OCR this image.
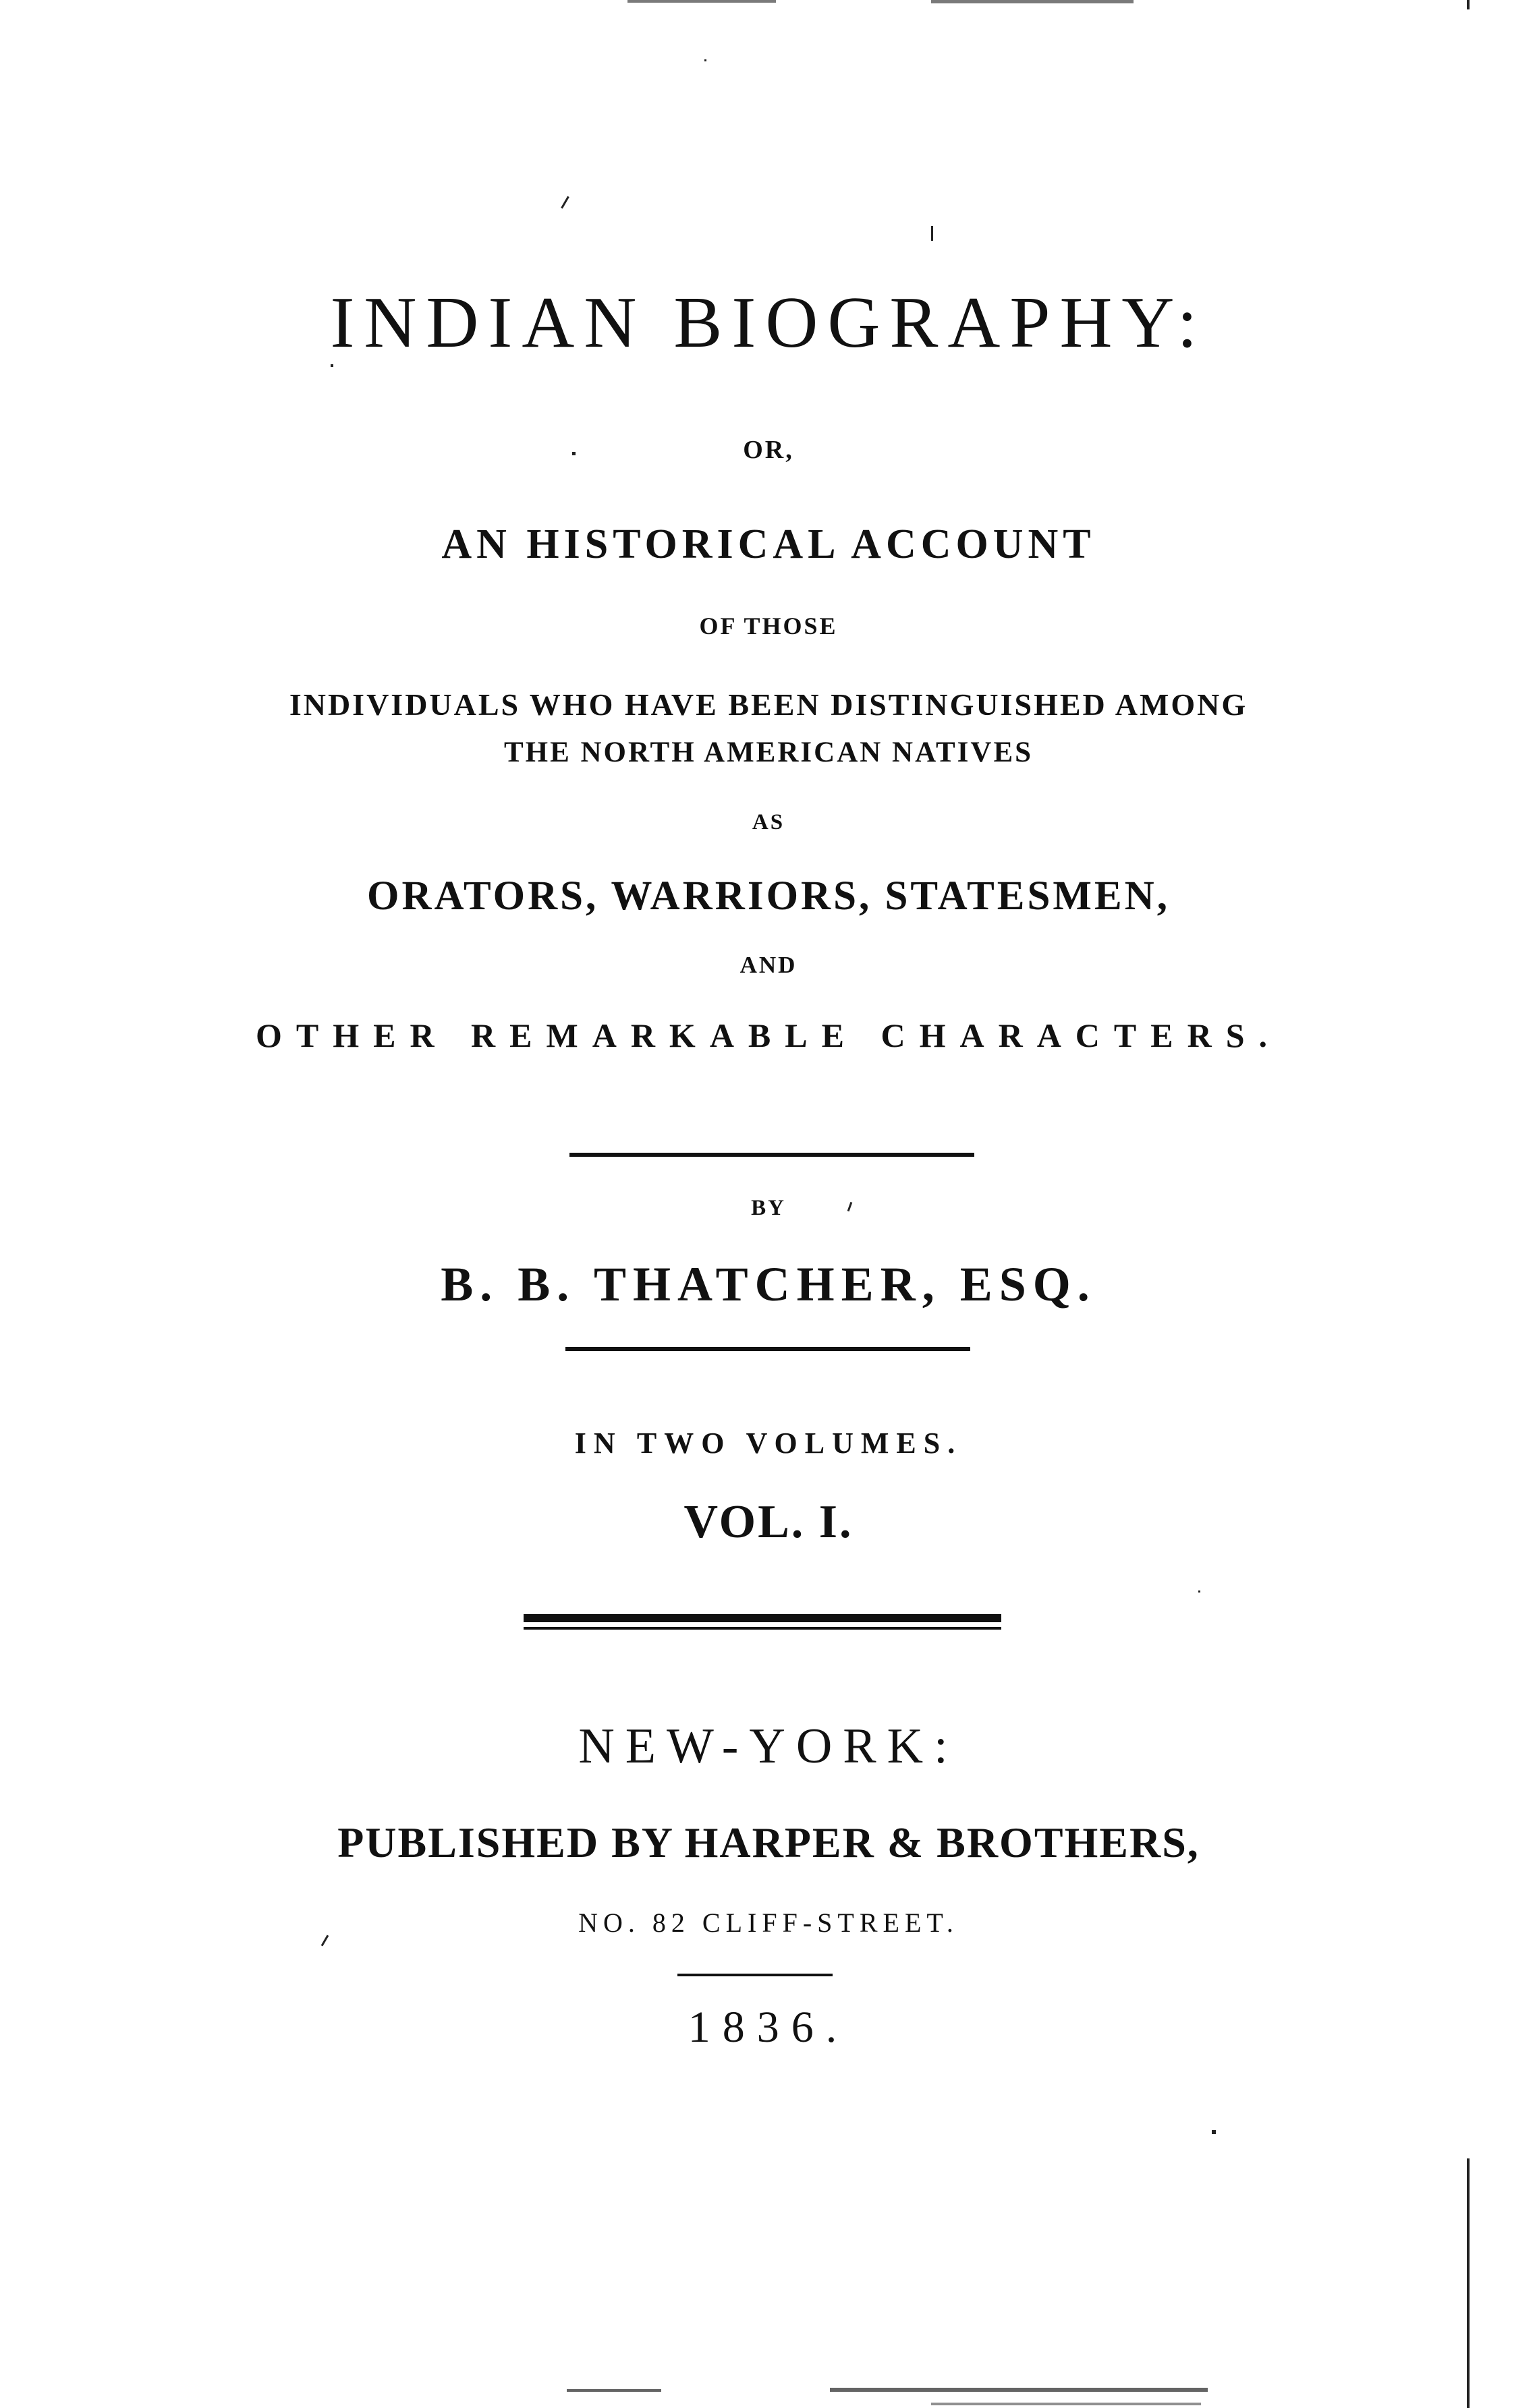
INDIAN BIOGRAPHY:
OR,
AN HISTORICAL ACCOUNT
OF THOSE
INDIVIDUALS WHO HAVE BEEN DISTINGUISHED AMONG
THE NORTH AMERICAN NATIVES
AS
ORATORS, WARRIORS, STATESMEN,
AND
OTHER REMARKABLE CHARACTERS.
BY
B. B. THATCHER, ESQ.
IN TWO VOLUMES.
VOL. I.
NEW-YORK:
PUBLISHED BY HARPER & BROTHERS,
NO. 82 CLIFF-STREET.
1836.
